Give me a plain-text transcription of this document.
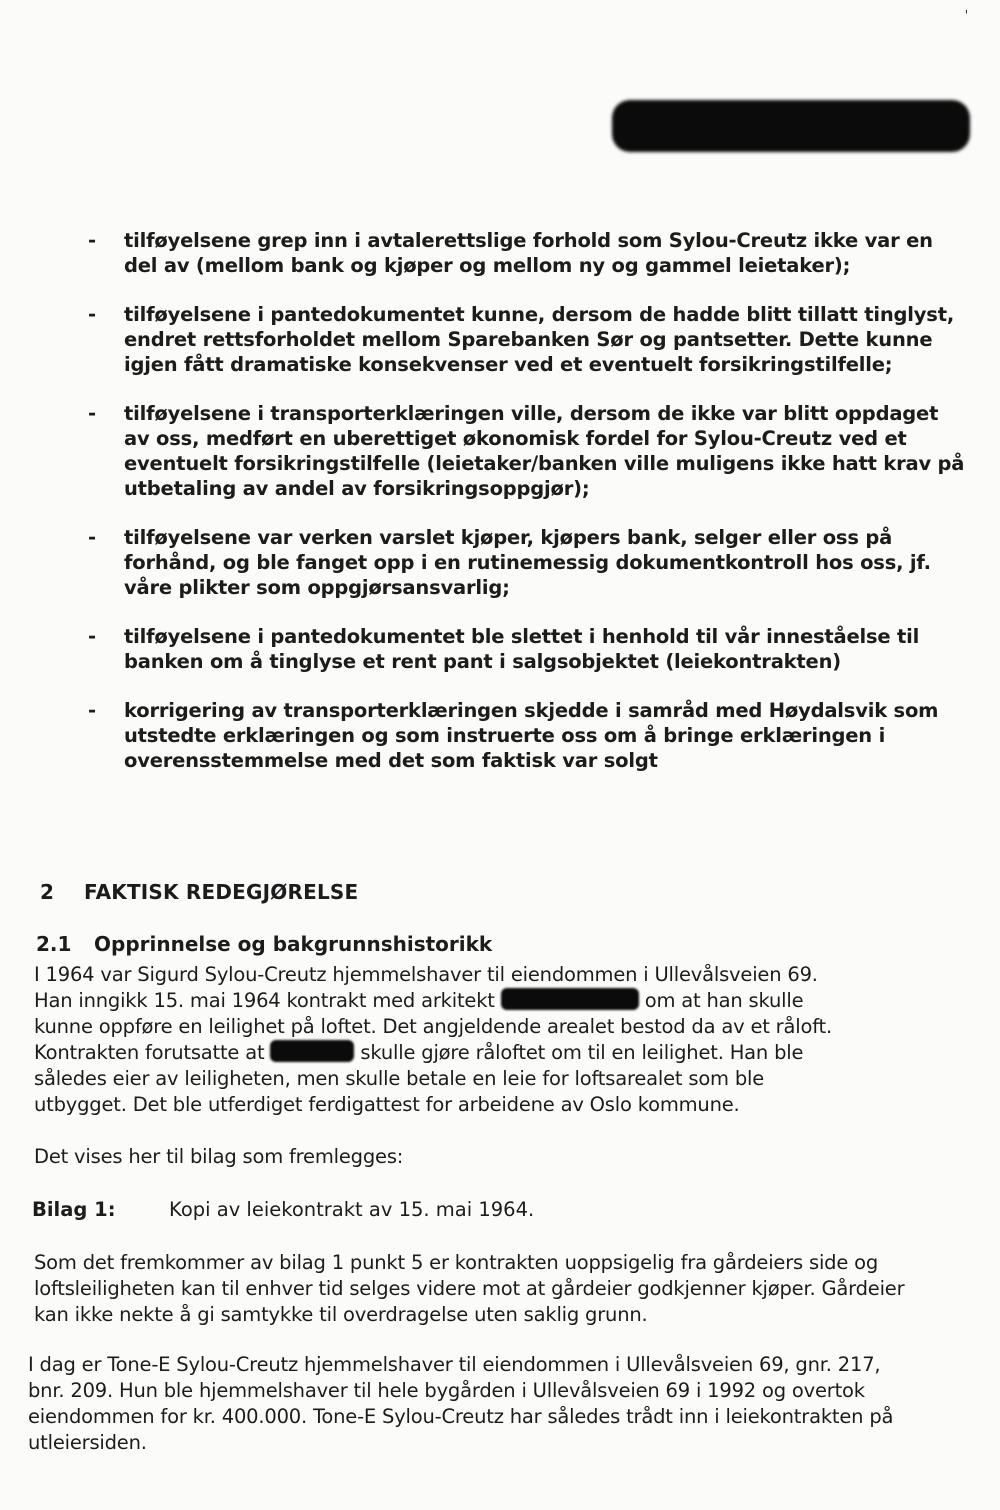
'
- tilføyelsene grep inn i avtalerettslige forhold som Sylou-Creutz ikke var en del av (mellom bank og kjøper og mellom ny og gammel leietaker);
- tilføyelsene i pantedokumentet kunne, dersom de hadde blitt tillatt tinglyst, endret rettsforholdet mellom Sparebanken Sør og pantsetter. Dette kunne igjen fått dramatiske konsekvenser ved et eventuelt forsikringstilfelle;
- tilføyelsene i transporterklæringen ville, dersom de ikke var blitt oppdaget av oss, medført en uberettiget økonomisk fordel for Sylou-Creutz ved et eventuelt forsikringstilfelle (leietaker/banken ville muligens ikke hatt krav på utbetaling av andel av forsikringsoppgjør);
- tilføyelsene var verken varslet kjøper, kjøpers bank, selger eller oss på forhånd, og ble fanget opp i en rutinemessig dokumentkontroll hos oss, jf. våre plikter som oppgjørsansvarlig;
- tilføyelsene i pantedokumentet ble slettet i henhold til vår inneståelse til banken om å tinglyse et rent pant i salgsobjektet (leiekontrakten)
- korrigering av transporterklæringen skjedde i samråd med Høydalsvik som utstedte erklæringen og som instruerte oss om å bringe erklæringen i overensstemmelse med det som faktisk var solgt
2 FAKTISK REDEGJØRELSE
2.1 Opprinnelse og bakgrunnshistorikk
I 1964 var Sigurd Sylou-Creutz hjemmelshaver til eiendommen i Ullevålsveien 69.
Han inngikk 15. mai 1964 kontrakt med arkitekt	om at han skulle
kunne oppføre en leilighet på loftet. Det angjeldende arealet bestod da av et råloft.
Kontrakten forutsatte at	skulle gjøre råloftet om til en leilighet. Han ble
således eier av leiligheten, men skulle betale en leie for loftsarealet som ble
utbygget. Det ble utferdiget ferdigattest for arbeidene av Oslo kommune.
Det vises her til bilag som fremlegges:
Bilag 1:	Kopi av leiekontrakt av 15. mai 1964.
Som det fremkommer av bilag 1 punkt 5 er kontrakten uoppsigelig fra gårdeiers side og loftsleiligheten kan til enhver tid selges videre mot at gårdeier godkjenner kjøper. Gårdeier kan ikke nekte å gi samtykke til overdragelse uten saklig grunn.
I dag er Tone-E Sylou-Creutz hjemmelshaver til eiendommen i Ullevålsveien 69, gnr. 217, bnr. 209. Hun ble hjemmelshaver til hele bygården i Ullevålsveien 69 i 1992 og overtok eiendommen for kr. 400.000. Tone-E Sylou-Creutz har således trådt inn i leiekontrakten på utleiersiden.
